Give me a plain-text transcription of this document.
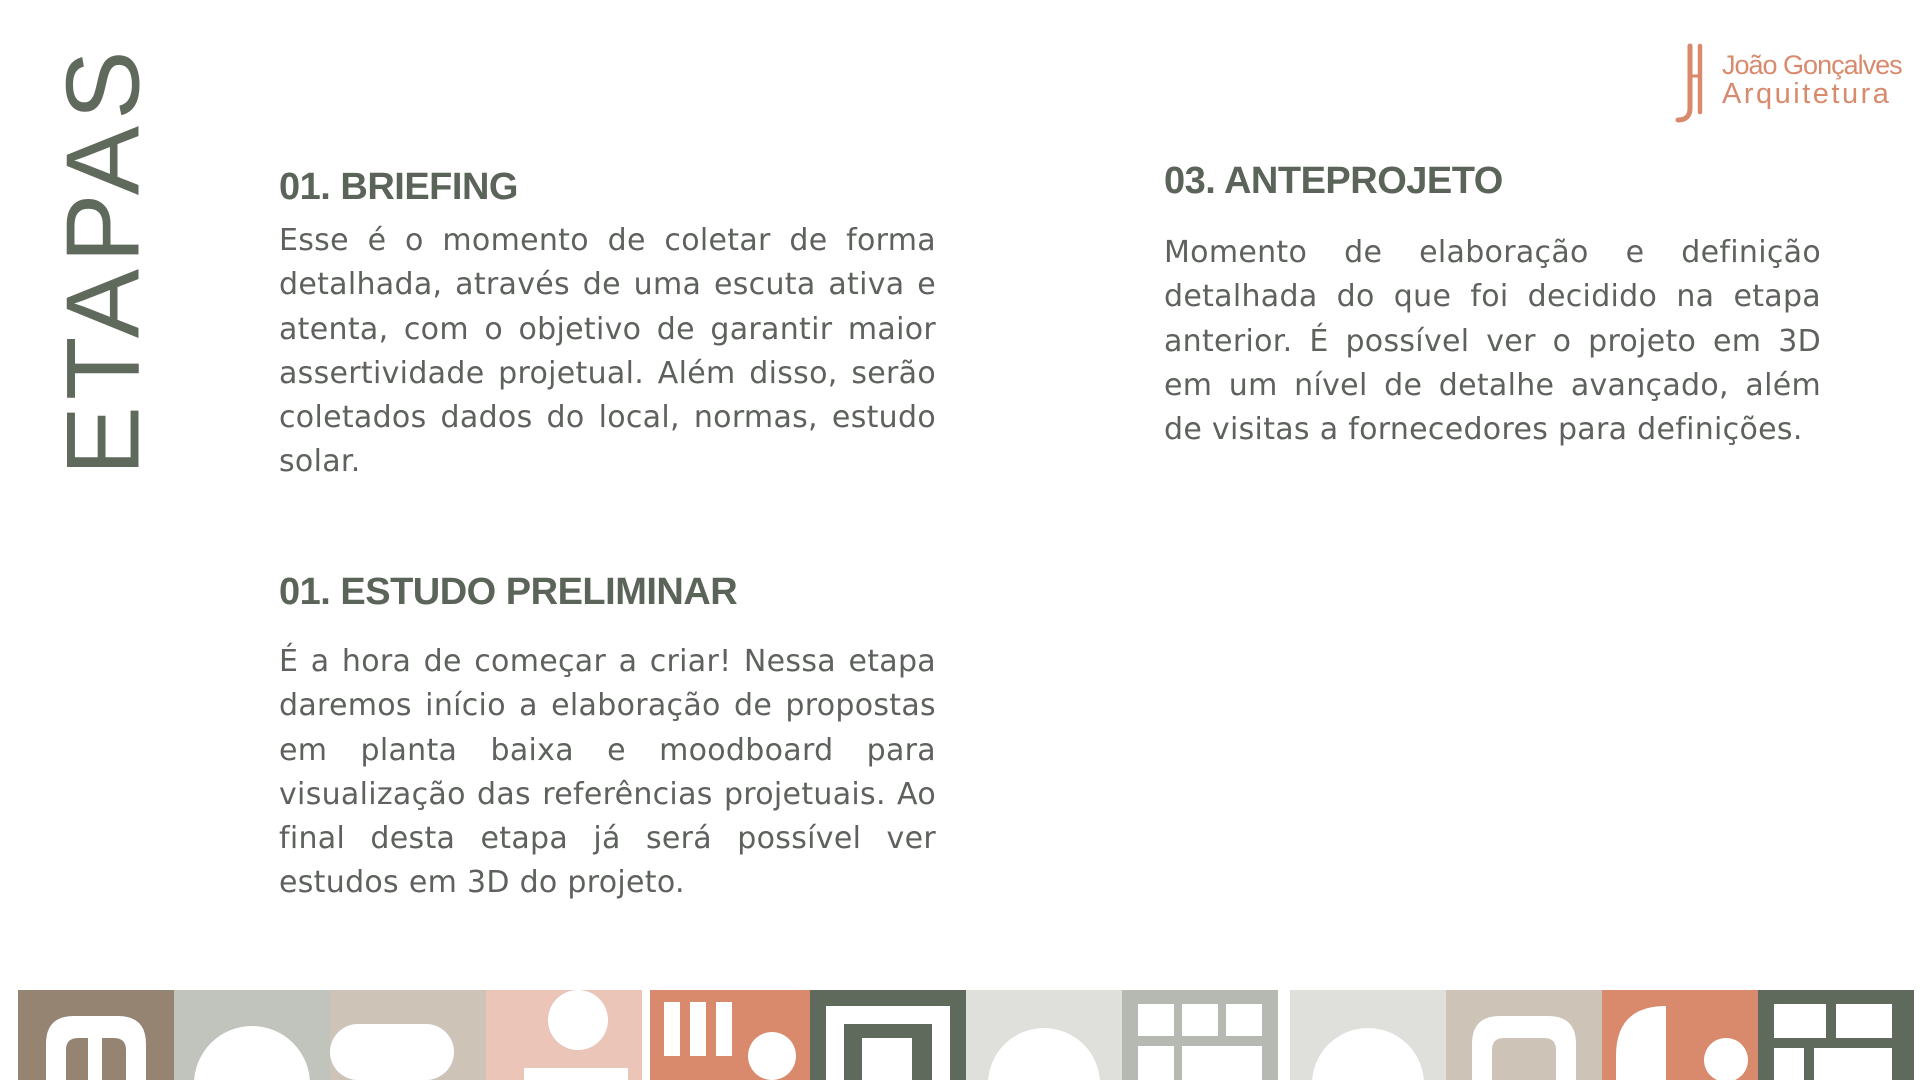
ETAPAS	João Gonçalves
Arquitetura
01. BRIEFING

Esse é o momento de coletar de forma detalhada, através de uma escuta ativa e atenta, com o objetivo de garantir maior assertividade projetual. Além disso, serão coletados dados do local, normas, estudo solar.

01. ESTUDO PRELIMINAR

É a hora de começar a criar! Nessa etapa daremos início a elaboração de propostas em planta baixa e moodboard para visualização das referências projetuais. Ao final desta etapa já será possível ver estudos em 3D do projeto.

03. ANTEPROJETO

Momento de elaboração e definição detalhada do que foi decidido na etapa anterior. É possível ver o projeto em 3D em um nível de detalhe avançado, além de visitas a fornecedores para definições.
